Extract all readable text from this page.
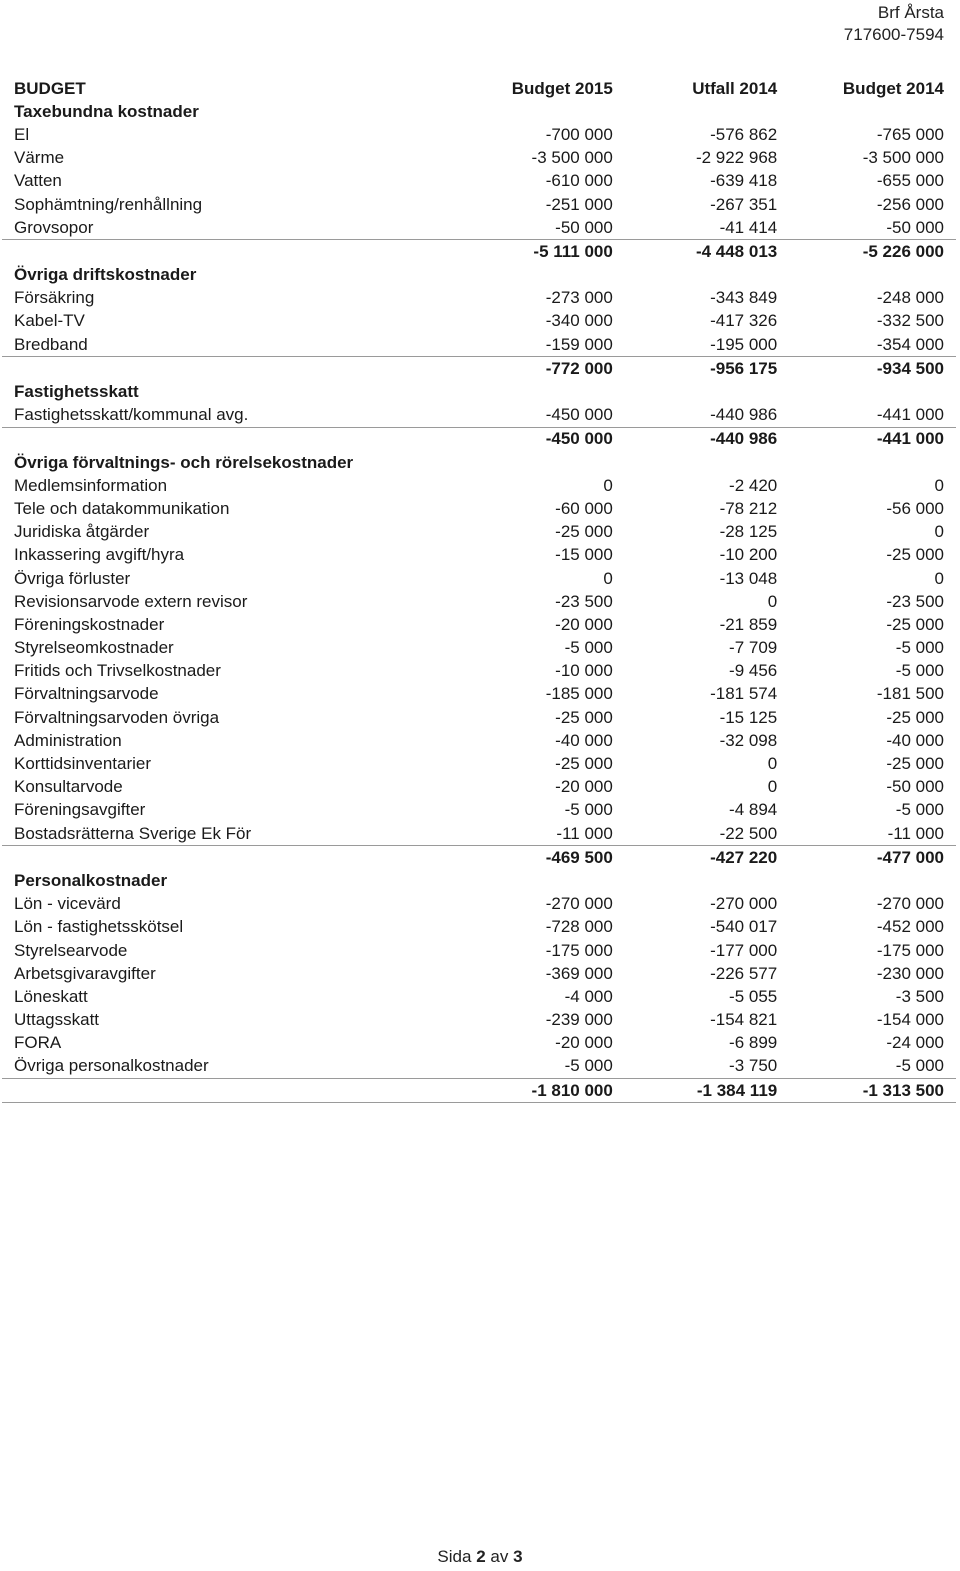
Brf Årsta
717600-7594
BUDGET	Budget 2015	Utfall 2014	Budget 2014
Taxebundna kostnader			
El	-700 000	-576 862	-765 000
Värme	-3 500 000	-2 922 968	-3 500 000
Vatten	-610 000	-639 418	-655 000
Sophämtning/renhållning	-251 000	-267 351	-256 000
Grovsopor	-50 000	-41 414	-50 000
	-5 111 000	-4 448 013	-5 226 000
Övriga driftskostnader			
Försäkring	-273 000	-343 849	-248 000
Kabel-TV	-340 000	-417 326	-332 500
Bredband	-159 000	-195 000	-354 000
	-772 000	-956 175	-934 500
Fastighetsskatt			
Fastighetsskatt/kommunal avg.	-450 000	-440 986	-441 000
	-450 000	-440 986	-441 000
Övriga förvaltnings- och rörelsekostnader			
Medlemsinformation	0	-2 420	0
Tele och datakommunikation	-60 000	-78 212	-56 000
Juridiska åtgärder	-25 000	-28 125	0
Inkassering avgift/hyra	-15 000	-10 200	-25 000
Övriga förluster	0	-13 048	0
Revisionsarvode extern revisor	-23 500	0	-23 500
Föreningskostnader	-20 000	-21 859	-25 000
Styrelseomkostnader	-5 000	-7 709	-5 000
Fritids och Trivselkostnader	-10 000	-9 456	-5 000
Förvaltningsarvode	-185 000	-181 574	-181 500
Förvaltningsarvoden övriga	-25 000	-15 125	-25 000
Administration	-40 000	-32 098	-40 000
Korttidsinventarier	-25 000	0	-25 000
Konsultarvode	-20 000	0	-50 000
Föreningsavgifter	-5 000	-4 894	-5 000
Bostadsrätterna Sverige Ek För	-11 000	-22 500	-11 000
	-469 500	-427 220	-477 000
Personalkostnader			
Lön - vicevärd	-270 000	-270 000	-270 000
Lön - fastighetsskötsel	-728 000	-540 017	-452 000
Styrelsearvode	-175 000	-177 000	-175 000
Arbetsgivaravgifter	-369 000	-226 577	-230 000
Löneskatt	-4 000	-5 055	-3 500
Uttagsskatt	-239 000	-154 821	-154 000
FORA	-20 000	-6 899	-24 000
Övriga personalkostnader	-5 000	-3 750	-5 000
	-1 810 000	-1 384 119	-1 313 500
Sida 2 av 3
